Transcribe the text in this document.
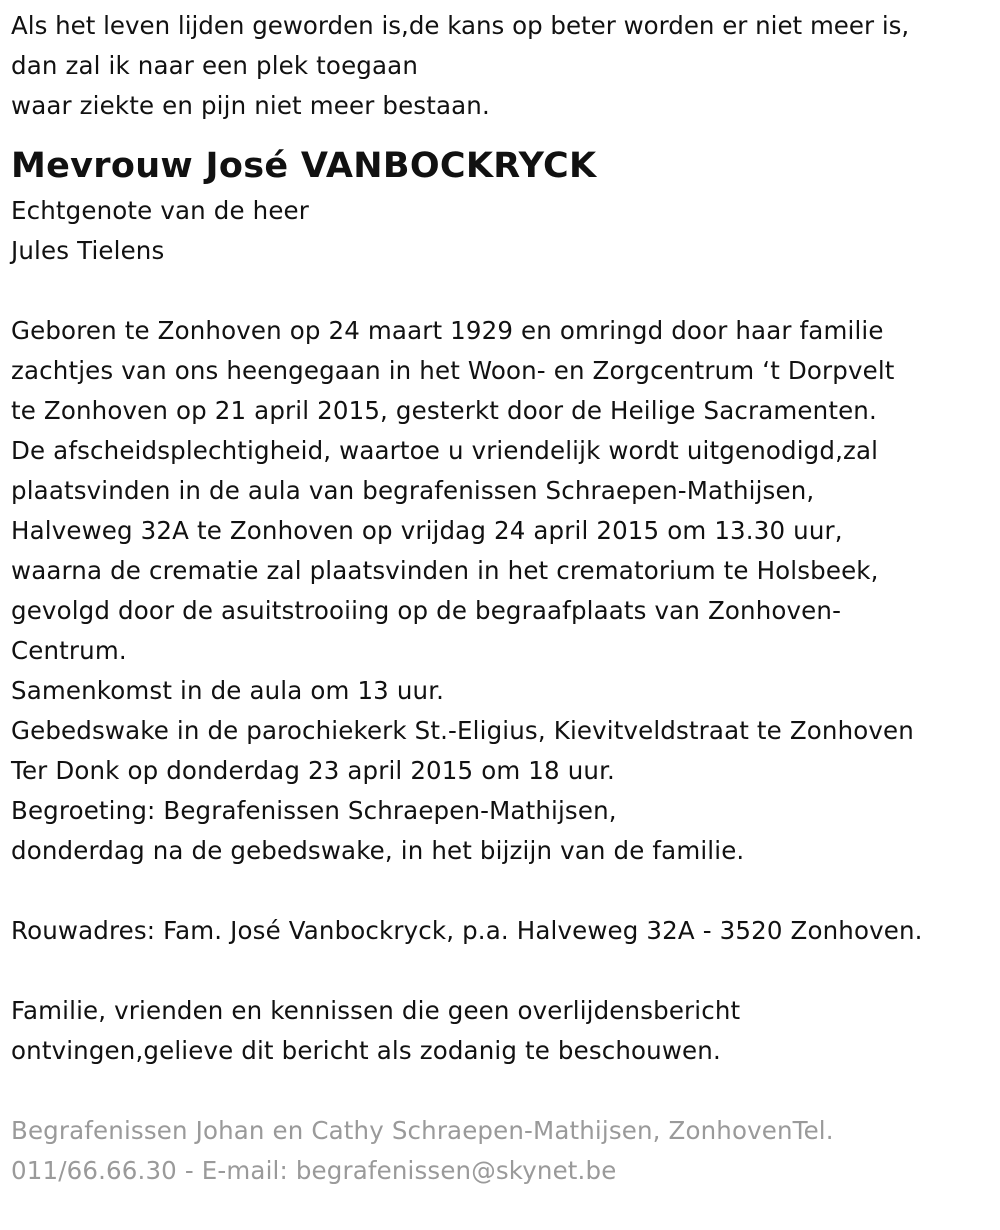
Als het leven lijden geworden is,de kans op beter worden er niet meer is,
dan zal ik naar een plek toegaan
waar ziekte en pijn niet meer bestaan.
Mevrouw José VANBOCKRYCK
Echtgenote van de heer
Jules Tielens
Geboren te Zonhoven op 24 maart 1929 en omringd door haar familie
zachtjes van ons heengegaan in het Woon- en Zorgcentrum ‘t Dorpvelt
te Zonhoven op 21 april 2015, gesterkt door de Heilige Sacramenten.
De afscheidsplechtigheid, waartoe u vriendelijk wordt uitgenodigd,zal
plaatsvinden in de aula van begrafenissen Schraepen-Mathijsen,
Halveweg 32A te Zonhoven op vrijdag 24 april 2015 om 13.30 uur,
waarna de crematie zal plaatsvinden in het crematorium te Holsbeek,
gevolgd door de asuitstrooiing op de begraafplaats van Zonhoven-
Centrum.
Samenkomst in de aula om 13 uur.
Gebedswake in de parochiekerk St.-Eligius, Kievitveldstraat te Zonhoven
Ter Donk op donderdag 23 april 2015 om 18 uur.
Begroeting: Begrafenissen Schraepen-Mathijsen,
donderdag na de gebedswake, in het bijzijn van de familie.
Rouwadres: Fam. José Vanbockryck, p.a. Halveweg 32A - 3520 Zonhoven.
Familie, vrienden en kennissen die geen overlijdensbericht
ontvingen,gelieve dit bericht als zodanig te beschouwen.
Begrafenissen Johan en Cathy Schraepen-Mathijsen, ZonhovenTel.
011/66.66.30 - E-mail: begrafenissen@skynet.be
